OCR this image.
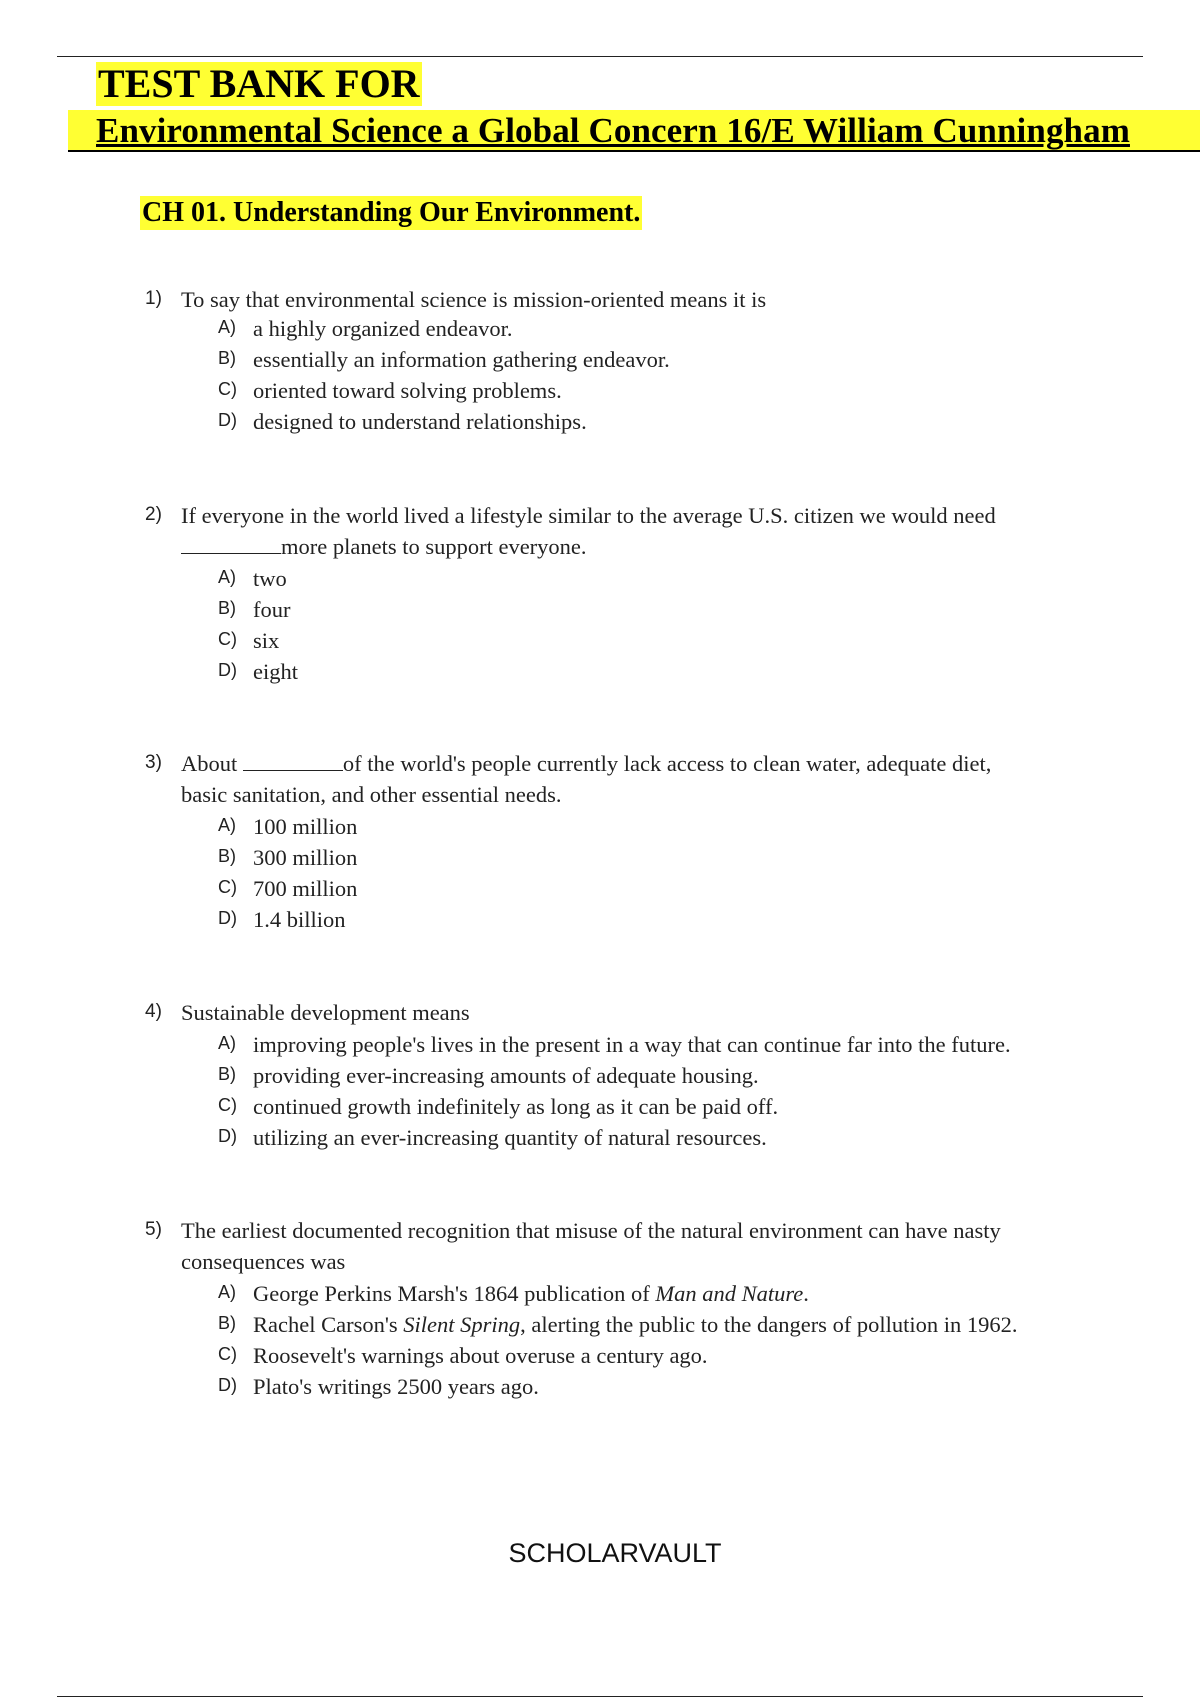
TEST BANK FOR
Environmental Science a Global Concern 16/E William Cunningham
CH 01. Understanding Our Environment.
1) To say that environmental science is mission-oriented means it is
A) a highly organized endeavor.
B) essentially an information gathering endeavor.
C) oriented toward solving problems.
D) designed to understand relationships.
2) If everyone in the world lived a lifestyle similar to the average U.S. citizen we would need
more planets to support everyone.
A) two
B) four
C) six
D) eight
3) About	of the world's people currently lack access to clean water, adequate diet,
basic sanitation, and other essential needs.
A) 100 million
B) 300 million
C) 700 million
D) 1.4 billion
4) Sustainable development means
A) improving people's lives in the present in a way that can continue far into the future.
B) providing ever-increasing amounts of adequate housing.
C) continued growth indefinitely as long as it can be paid off.
D) utilizing an ever-increasing quantity of natural resources.
5) The earliest documented recognition that misuse of the natural environment can have nasty
consequences was
A) George Perkins Marsh's 1864 publication of Man and Nature.
B) Rachel Carson's Silent Spring, alerting the public to the dangers of pollution in 1962.
C) Roosevelt's warnings about overuse a century ago.
D) Plato's writings 2500 years ago.
SCHOLARVAULT
